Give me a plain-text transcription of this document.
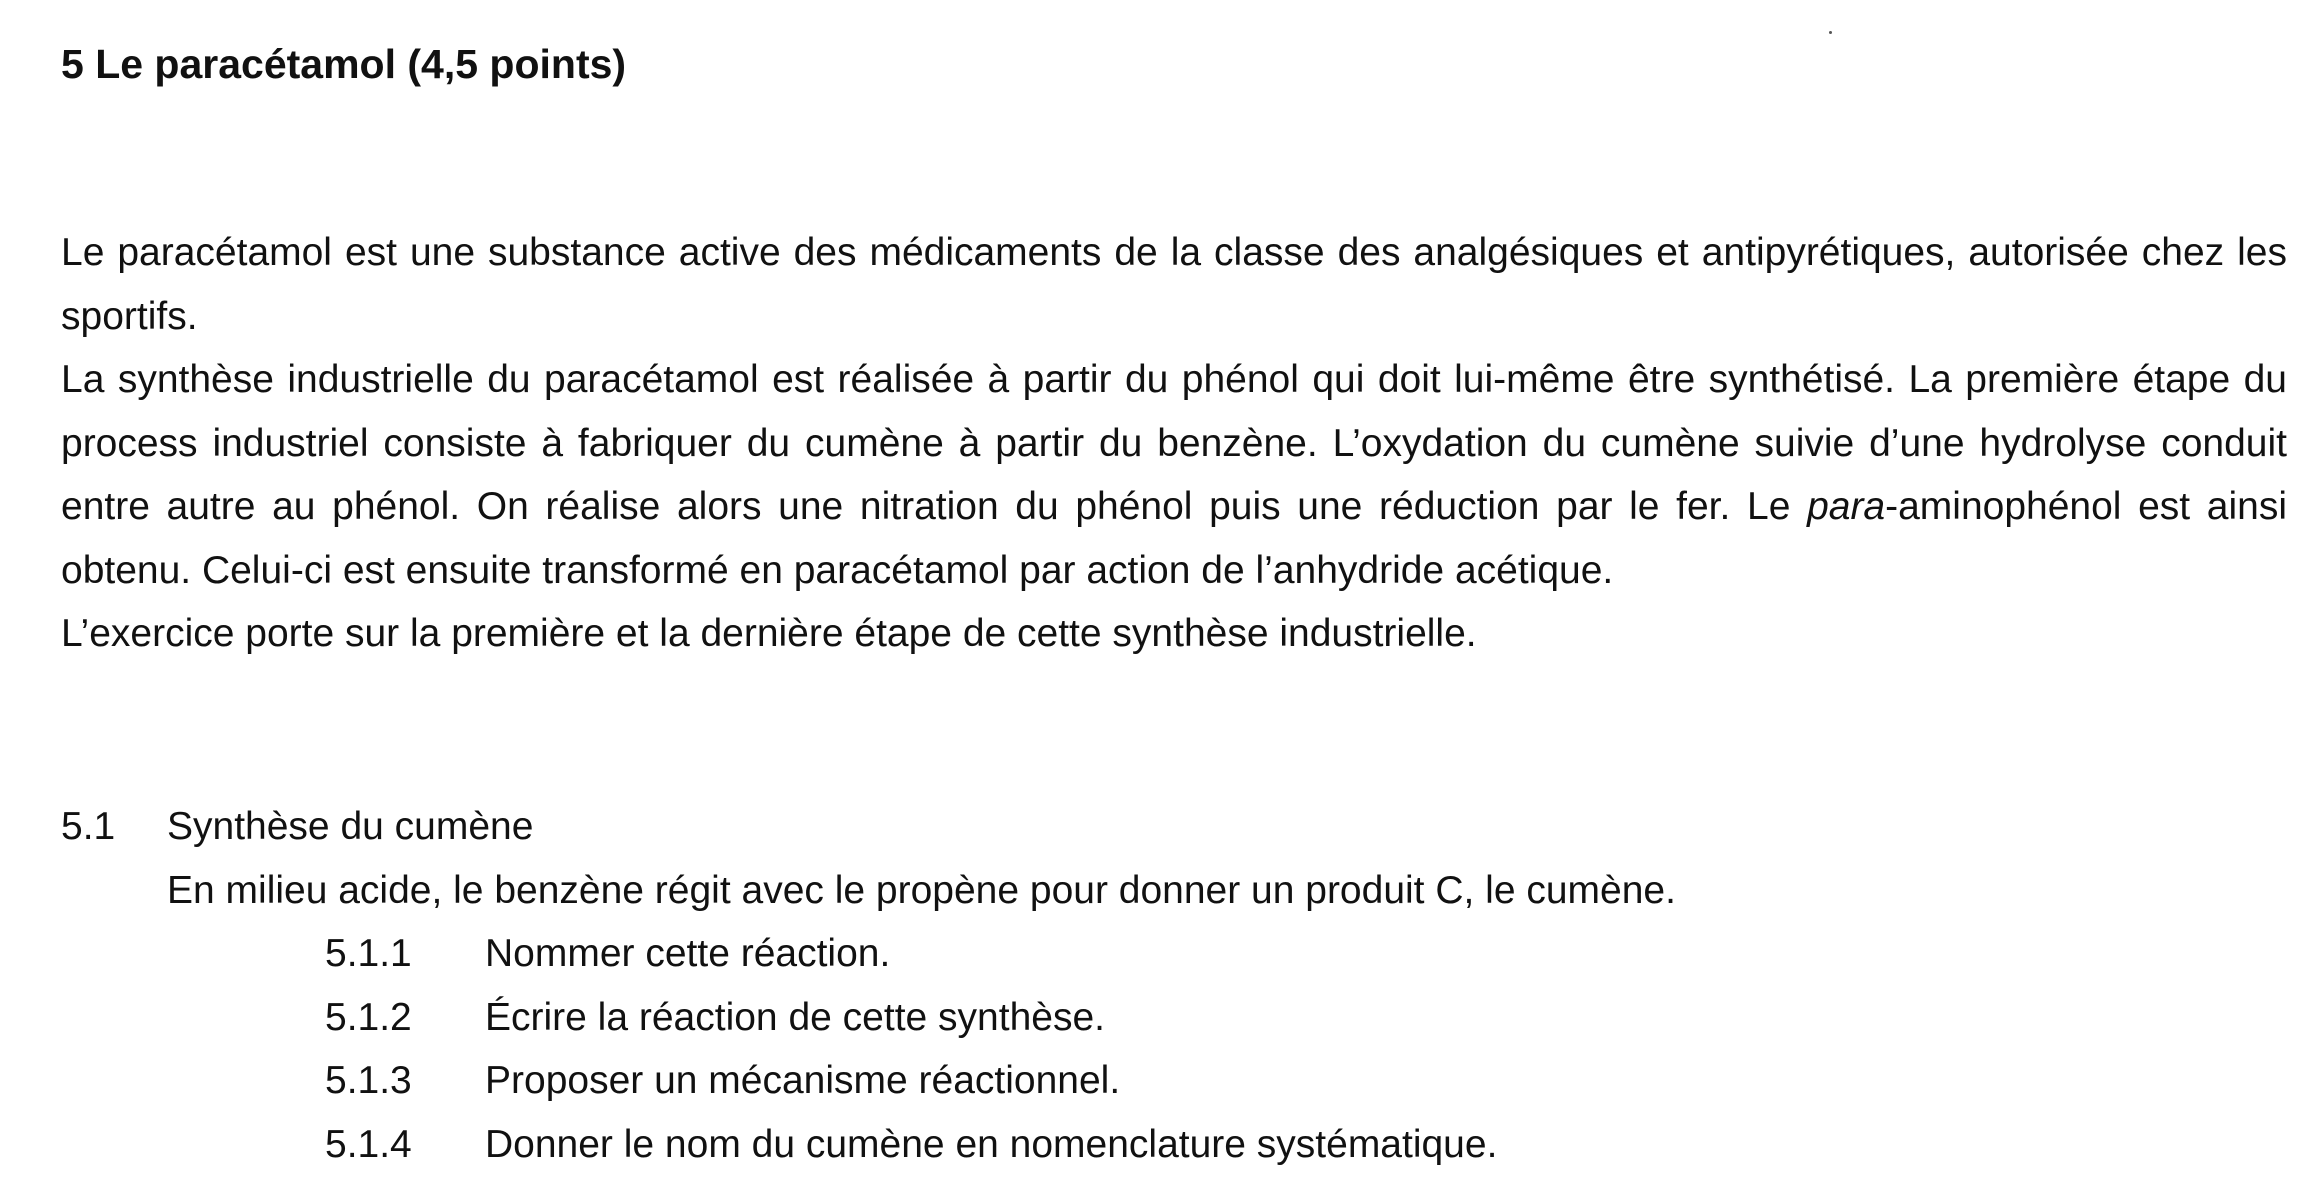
5 Le paracétamol (4,5 points)

Le paracétamol est une substance active des médicaments de la classe des analgésiques et antipyrétiques, autorisée chez les sportifs.

La synthèse industrielle du paracétamol est réalisée à partir du phénol qui doit lui-même être synthétisé. La première étape du process industriel consiste à fabriquer du cumène à partir du benzène. L’oxydation du cumène suivie d’une hydrolyse conduit entre autre au phénol. On réalise alors une nitration du phénol puis une réduction par le fer. Le para-aminophénol est ainsi obtenu. Celui-ci est ensuite transformé en paracétamol par action de l’anhydride acétique.

L’exercice porte sur la première et la dernière étape de cette synthèse industrielle.

5.1 Synthèse du cumène
En milieu acide, le benzène régit avec le propène pour donner un produit C, le cumène.
5.1.1 Nommer cette réaction.
5.1.2 Écrire la réaction de cette synthèse.
5.1.3 Proposer un mécanisme réactionnel.
5.1.4 Donner le nom du cumène en nomenclature systématique.
